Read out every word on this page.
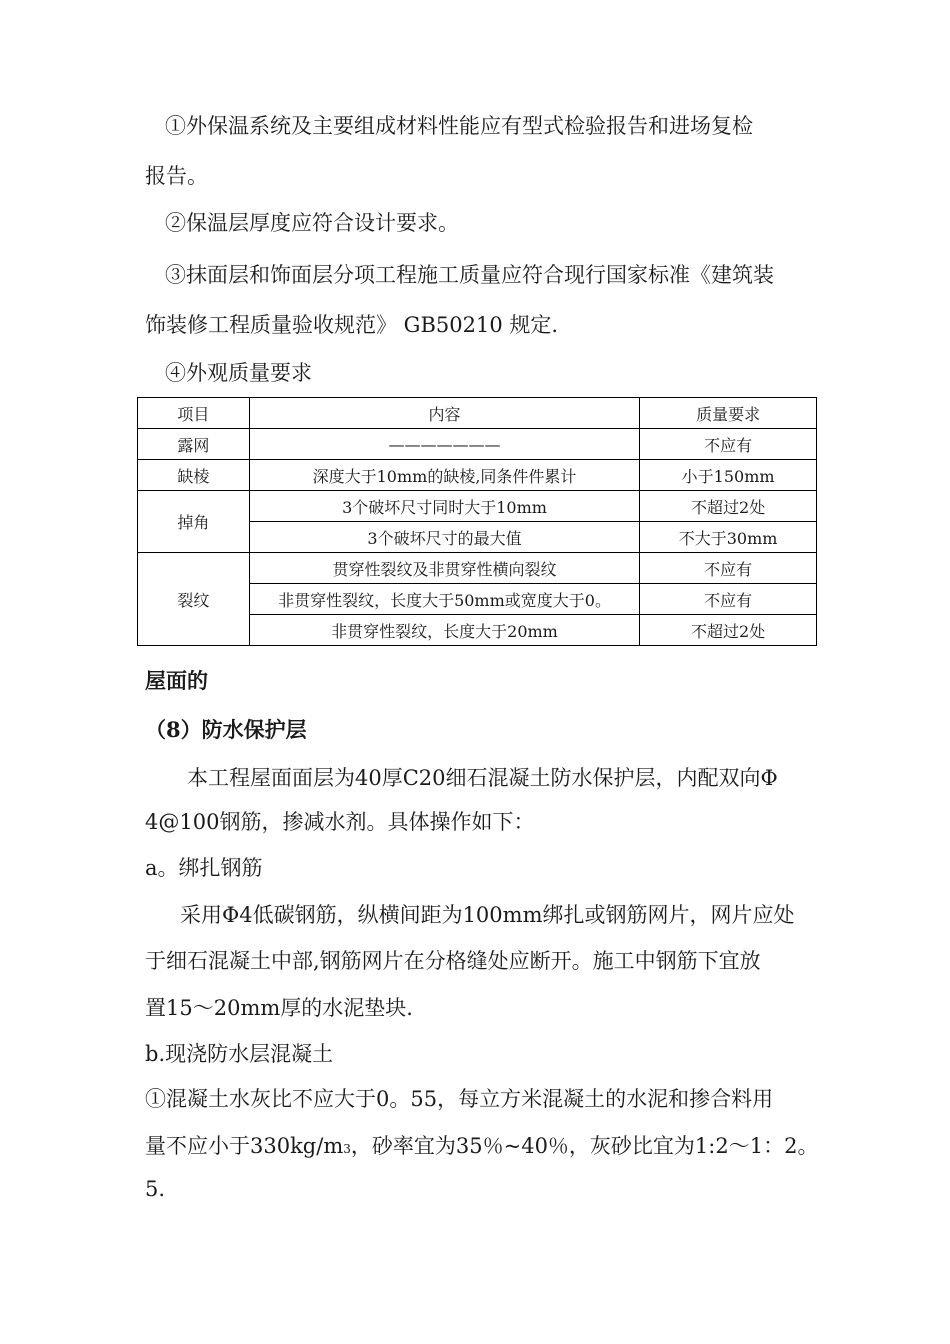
①外保温系统及主要组成材料性能应有型式检验报告和进场复检
报告。
②保温层厚度应符合设计要求。
③抹面层和饰面层分项工程施工质量应符合现行国家标准《建筑装
饰装修工程质量验收规范》 GB50210 规定.
④外观质量要求
项目	内容	质量要求
露网	———————	不应有
缺棱	深度大于10mm的缺棱,同条件件累计	小于150mm
掉角	3个破坏尺寸同时大于10mm	不超过2处
	3个破坏尺寸的最大值	不大于30mm
裂纹	贯穿性裂纹及非贯穿性横向裂纹	不应有
	非贯穿性裂纹，长度大于50mm或宽度大于0。	不应有
	非贯穿性裂纹，长度大于20mm	不超过2处
屋面的
（8）防水保护层
本工程屋面面层为40厚C20细石混凝土防水保护层，内配双向Φ
4@100钢筋，掺减水剂。具体操作如下：
a。绑扎钢筋
采用Φ4低碳钢筋，纵横间距为100mm绑扎或钢筋网片，网片应处
于细石混凝土中部,钢筋网片在分格缝处应断开。施工中钢筋下宜放
置15～20mm厚的水泥垫块.
b.现浇防水层混凝土
①混凝土水灰比不应大于0。55，每立方米混凝土的水泥和掺合料用
量不应小于330kg/m3，砂率宜为35％~40％，灰砂比宜为1:2～1：2。
5.
